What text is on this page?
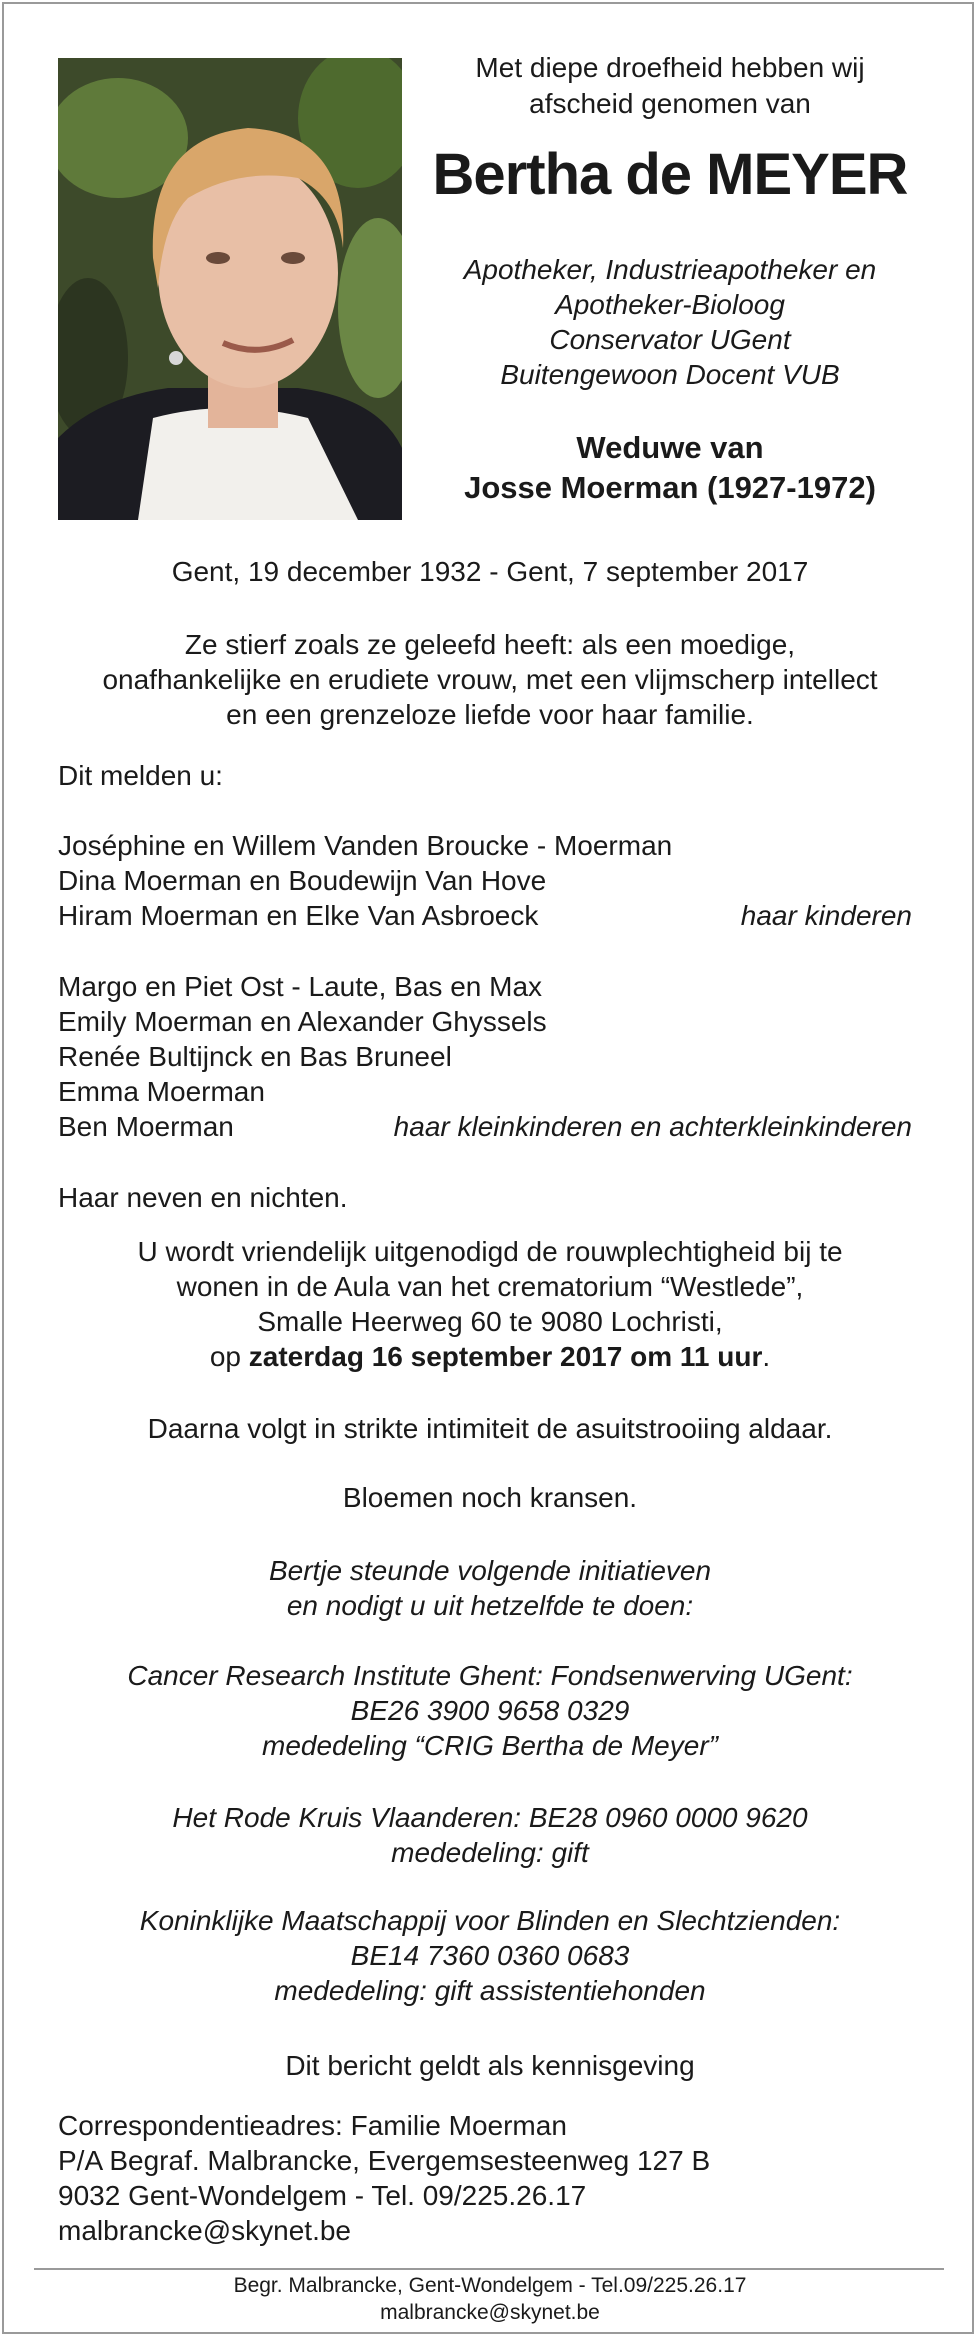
Met diepe droefheid hebben wij
afscheid genomen van
Bertha de MEYER
Apotheker, Industrieapotheker en
Apotheker-Bioloog
Conservator UGent
Buitengewoon Docent VUB
Weduwe van
Josse Moerman (1927-1972)
Gent, 19 december 1932 - Gent, 7 september 2017
Ze stierf zoals ze geleefd heeft: als een moedige,
onafhankelijke en erudiete vrouw, met een vlijmscherp intellect
en een grenzeloze liefde voor haar familie.
Dit melden u:
Joséphine en Willem Vanden Broucke - Moerman
Dina Moerman en Boudewijn Van Hove
Hiram Moerman en Elke Van Asbroeck	haar kinderen
Margo en Piet Ost - Laute, Bas en Max
Emily Moerman en Alexander Ghyssels
Renée Bultijnck en Bas Bruneel
Emma Moerman
Ben Moerman	haar kleinkinderen en achterkleinkinderen
Haar neven en nichten.
U wordt vriendelijk uitgenodigd de rouwplechtigheid bij te
wonen in de Aula van het crematorium “Westlede”,
Smalle Heerweg 60 te 9080 Lochristi,
op zaterdag 16 september 2017 om 11 uur.
Daarna volgt in strikte intimiteit de asuitstrooiing aldaar.
Bloemen noch kransen.
Bertje steunde volgende initiatieven
en nodigt u uit hetzelfde te doen:
Cancer Research Institute Ghent: Fondsenwerving UGent:
BE26 3900 9658 0329
mededeling “CRIG Bertha de Meyer”
Het Rode Kruis Vlaanderen: BE28 0960 0000 9620
mededeling: gift
Koninklijke Maatschappij voor Blinden en Slechtzienden:
BE14 7360 0360 0683
mededeling: gift assistentiehonden
Dit bericht geldt als kennisgeving
Correspondentieadres: Familie Moerman
P/A Begraf. Malbrancke, Evergemsesteenweg 127 B
9032 Gent-Wondelgem - Tel. 09/225.26.17
malbrancke@skynet.be
Begr. Malbrancke, Gent-Wondelgem - Tel.09/225.26.17
malbrancke@skynet.be
